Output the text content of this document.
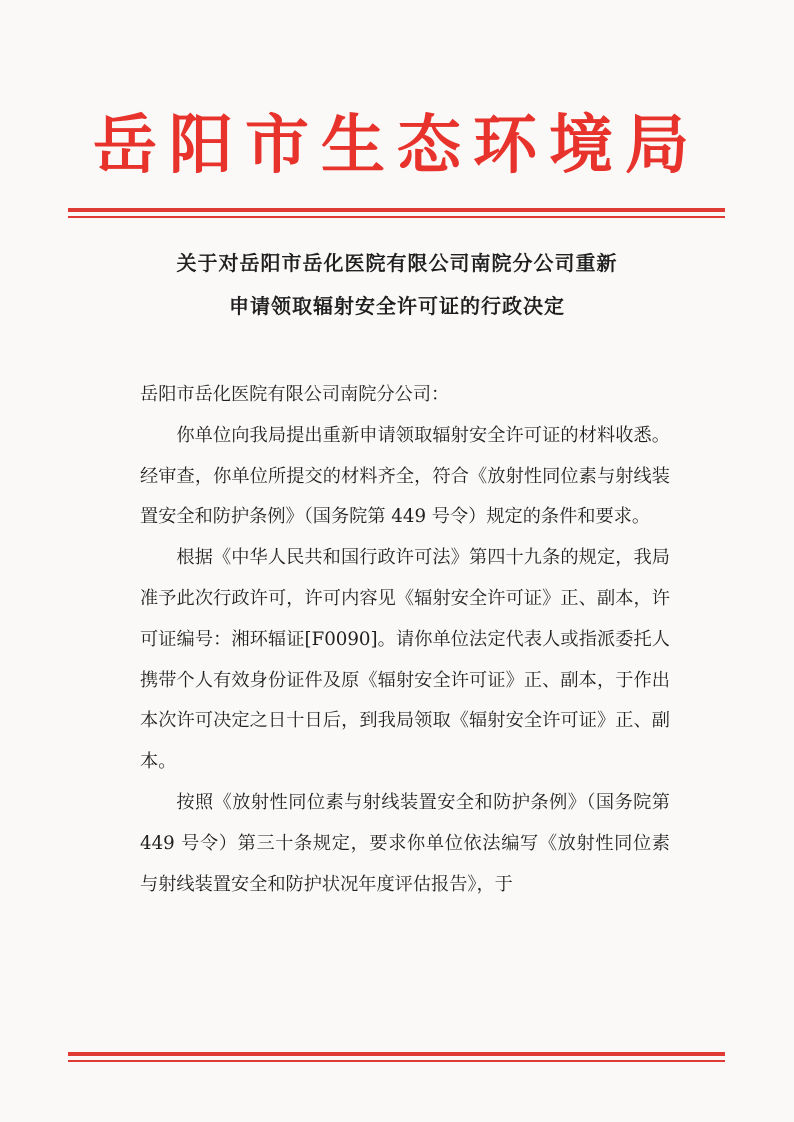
岳阳市生态环境局
关于对岳阳市岳化医院有限公司南院分公司重新
申请领取辐射安全许可证的行政决定

岳阳市岳化医院有限公司南院分公司：

你单位向我局提出重新申请领取辐射安全许可证的材料收悉。经审查，你单位所提交的材料齐全，符合《放射性同位素与射线装置安全和防护条例》（国务院第 449 号令）规定的条件和要求。

根据《中华人民共和国行政许可法》第四十九条的规定，我局准予此次行政许可，许可内容见《辐射安全许可证》正、副本，许可证编号：湘环辐证[F0090]。请你单位法定代表人或指派委托人携带个人有效身份证件及原《辐射安全许可证》正、副本，于作出本次许可决定之日十日后，到我局领取《辐射安全许可证》正、副本。

按照《放射性同位素与射线装置安全和防护条例》（国务院第 449 号令）第三十条规定，要求你单位依法编写《放射性同位素与射线装置安全和防护状况年度评估报告》，于
